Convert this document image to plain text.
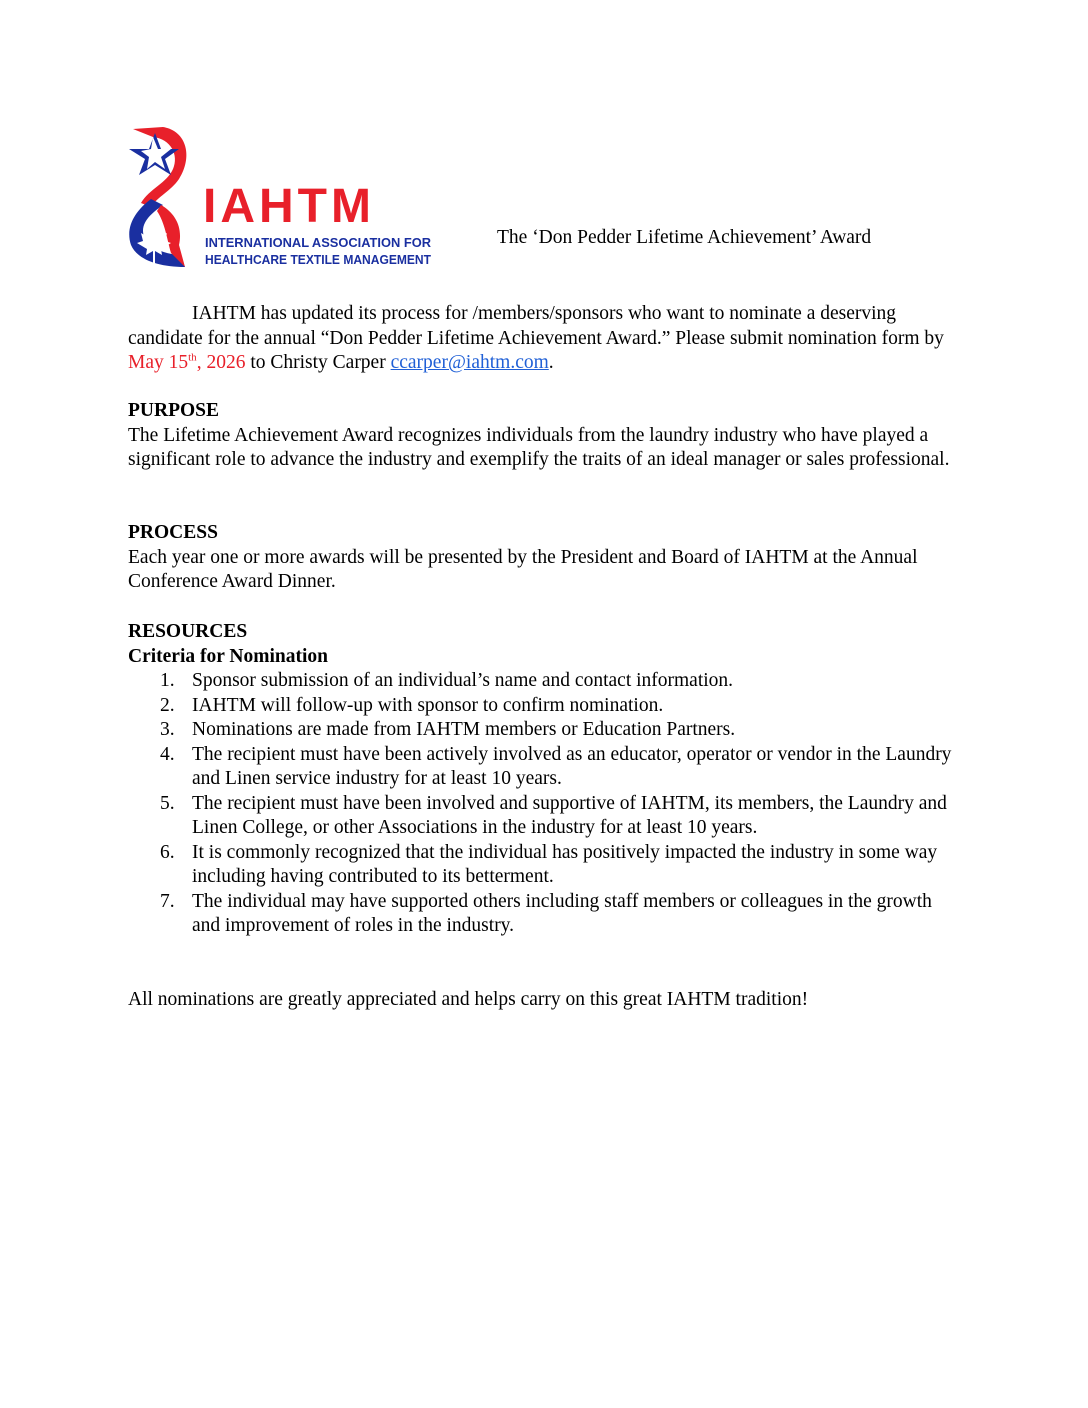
IAHTM
INTERNATIONAL ASSOCIATION FOR
HEALTHCARE TEXTILE MANAGEMENT
The ‘Don Pedder Lifetime Achievement’ Award
IAHTM has updated its process for /members/sponsors who want to nominate a deserving candidate for the annual “Don Pedder Lifetime Achievement Award.” Please submit nomination form by May 15th, 2026 to Christy Carper ccarper@iahtm.com.
PURPOSE
The Lifetime Achievement Award recognizes individuals from the laundry industry who have played a significant role to advance the industry and exemplify the traits of an ideal manager or sales professional.
PROCESS
Each year one or more awards will be presented by the President and Board of IAHTM at the Annual Conference Award Dinner.
RESOURCES
Criteria for Nomination
1. Sponsor submission of an individual’s name and contact information.
2. IAHTM will follow-up with sponsor to confirm nomination.
3. Nominations are made from IAHTM members or Education Partners.
4. The recipient must have been actively involved as an educator, operator or vendor in the Laundry and Linen service industry for at least 10 years.
5. The recipient must have been involved and supportive of IAHTM, its members, the Laundry and Linen College, or other Associations in the industry for at least 10 years.
6. It is commonly recognized that the individual has positively impacted the industry in some way including having contributed to its betterment.
7. The individual may have supported others including staff members or colleagues in the growth and improvement of roles in the industry.
All nominations are greatly appreciated and helps carry on this great IAHTM tradition!
